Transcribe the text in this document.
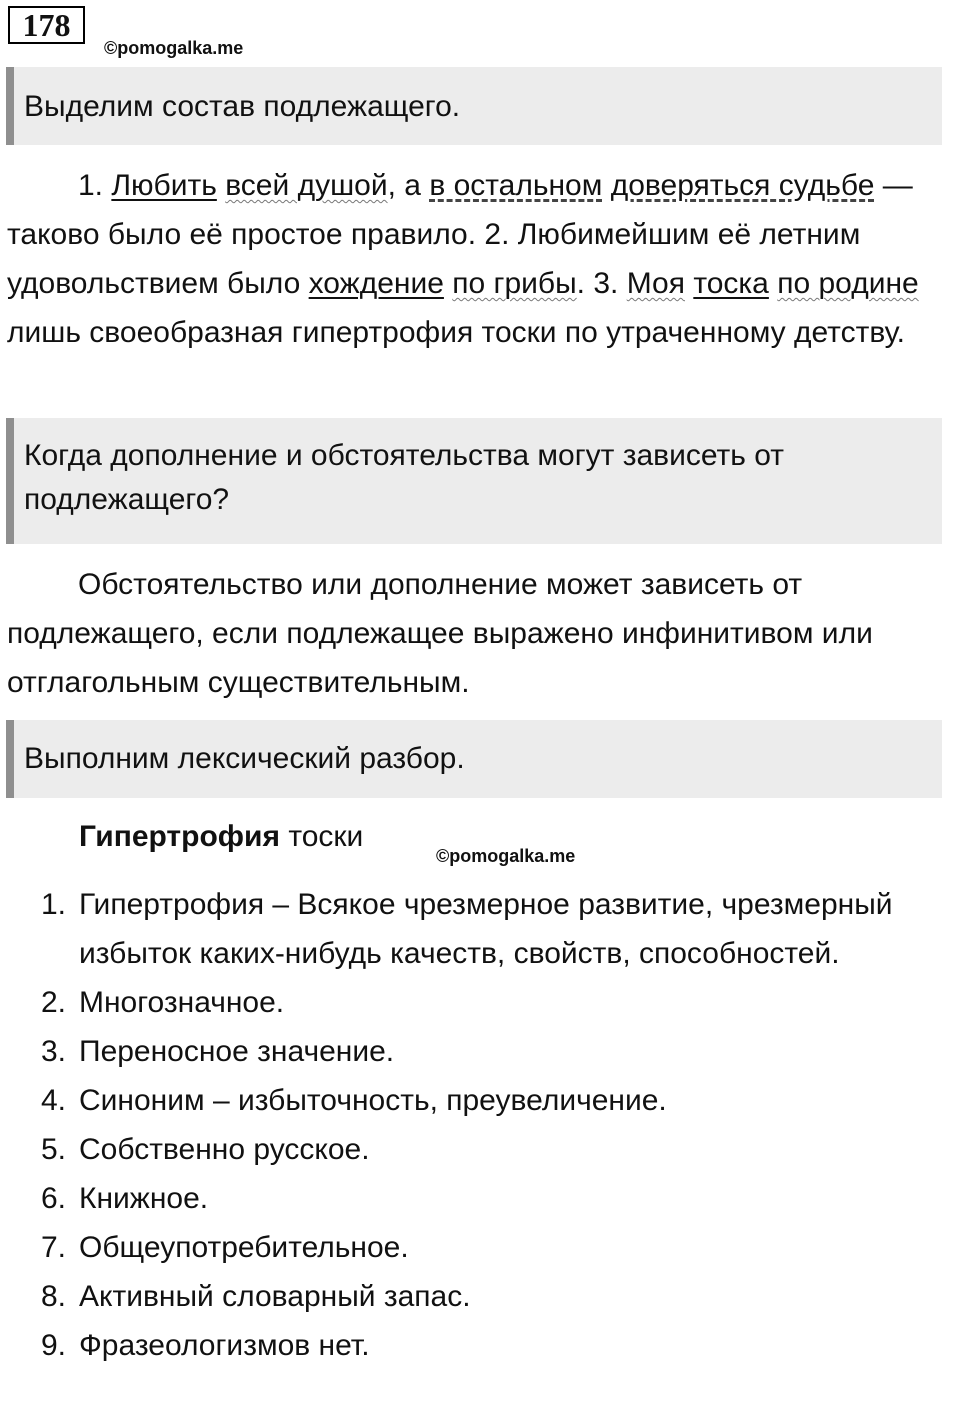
178
©pomogalka.me
Выделим состав подлежащего.

1. Любить всей душой, а в остальном доверяться судьбе — таково было её простое правило. 2. Любимейшим её летним удовольствием было хождение по грибы. 3. Моя тоска по родине лишь своеобразная гипертрофия тоски по утраченному детству.

Когда дополнение и обстоятельства могут зависеть от подлежащего?

Обстоятельство или дополнение может зависеть от подлежащего, если подлежащее выражено инфинитивом или отглагольным существительным.

Выполним лексический разбор.

Гипертрофия тоски

©pomogalka.me
1. Гипертрофия – Всякое чрезмерное развитие, чрезмерный избыток каких-нибудь качеств, свойств, способностей.
2. Многозначное.
3. Переносное значение.
4. Синоним – избыточность, преувеличение.
5. Собственно русское.
6. Книжное.
7. Общеупотребительное.
8. Активный словарный запас.
9. Фразеологизмов нет.
